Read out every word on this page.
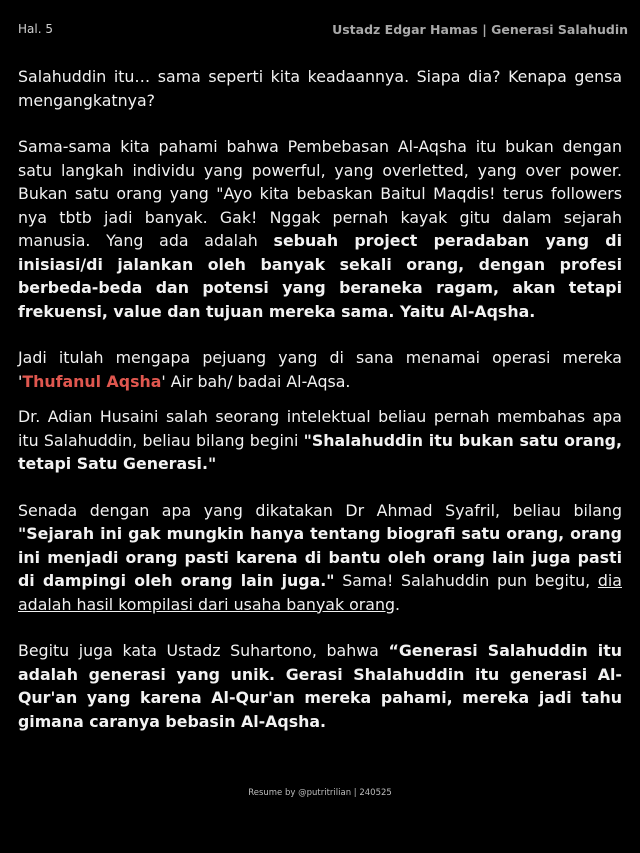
Hal. 5	Ustadz Edgar Hamas | Generasi Salahudin

Salahuddin itu… sama seperti kita keadaannya. Siapa dia? Kenapa gensa mengangkatnya?

Sama-sama kita pahami bahwa Pembebasan Al-Aqsha itu bukan dengan satu langkah individu yang powerful, yang overletted, yang over power. Bukan satu orang yang "Ayo kita bebaskan Baitul Maqdis! terus followers nya tbtb jadi banyak. Gak! Nggak pernah kayak gitu dalam sejarah manusia. Yang ada adalah sebuah project peradaban yang di inisiasi/di jalankan oleh banyak sekali orang, dengan profesi berbeda-beda dan potensi yang beraneka ragam, akan tetapi frekuensi, value dan tujuan mereka sama. Yaitu Al-Aqsha.

Jadi itulah mengapa pejuang yang di sana menamai operasi mereka 'Thufanul Aqsha' Air bah/ badai Al-Aqsa.

Dr. Adian Husaini salah seorang intelektual beliau pernah membahas apa itu Salahuddin, beliau bilang begini "Shalahuddin itu bukan satu orang, tetapi Satu Generasi."

Senada dengan apa yang dikatakan Dr Ahmad Syafril, beliau bilang "Sejarah ini gak mungkin hanya tentang biografi satu orang, orang ini menjadi orang pasti karena di bantu oleh orang lain juga pasti di dampingi oleh orang lain juga." Sama! Salahuddin pun begitu, dia adalah hasil kompilasi dari usaha banyak orang.

Begitu juga kata Ustadz Suhartono, bahwa “Generasi Salahuddin itu adalah generasi yang unik. Gerasi Shalahuddin itu generasi Al-Qur'an yang karena Al-Qur'an mereka pahami, mereka jadi tahu gimana caranya bebasin Al-Aqsha.

Resume by @putritrilian | 240525
